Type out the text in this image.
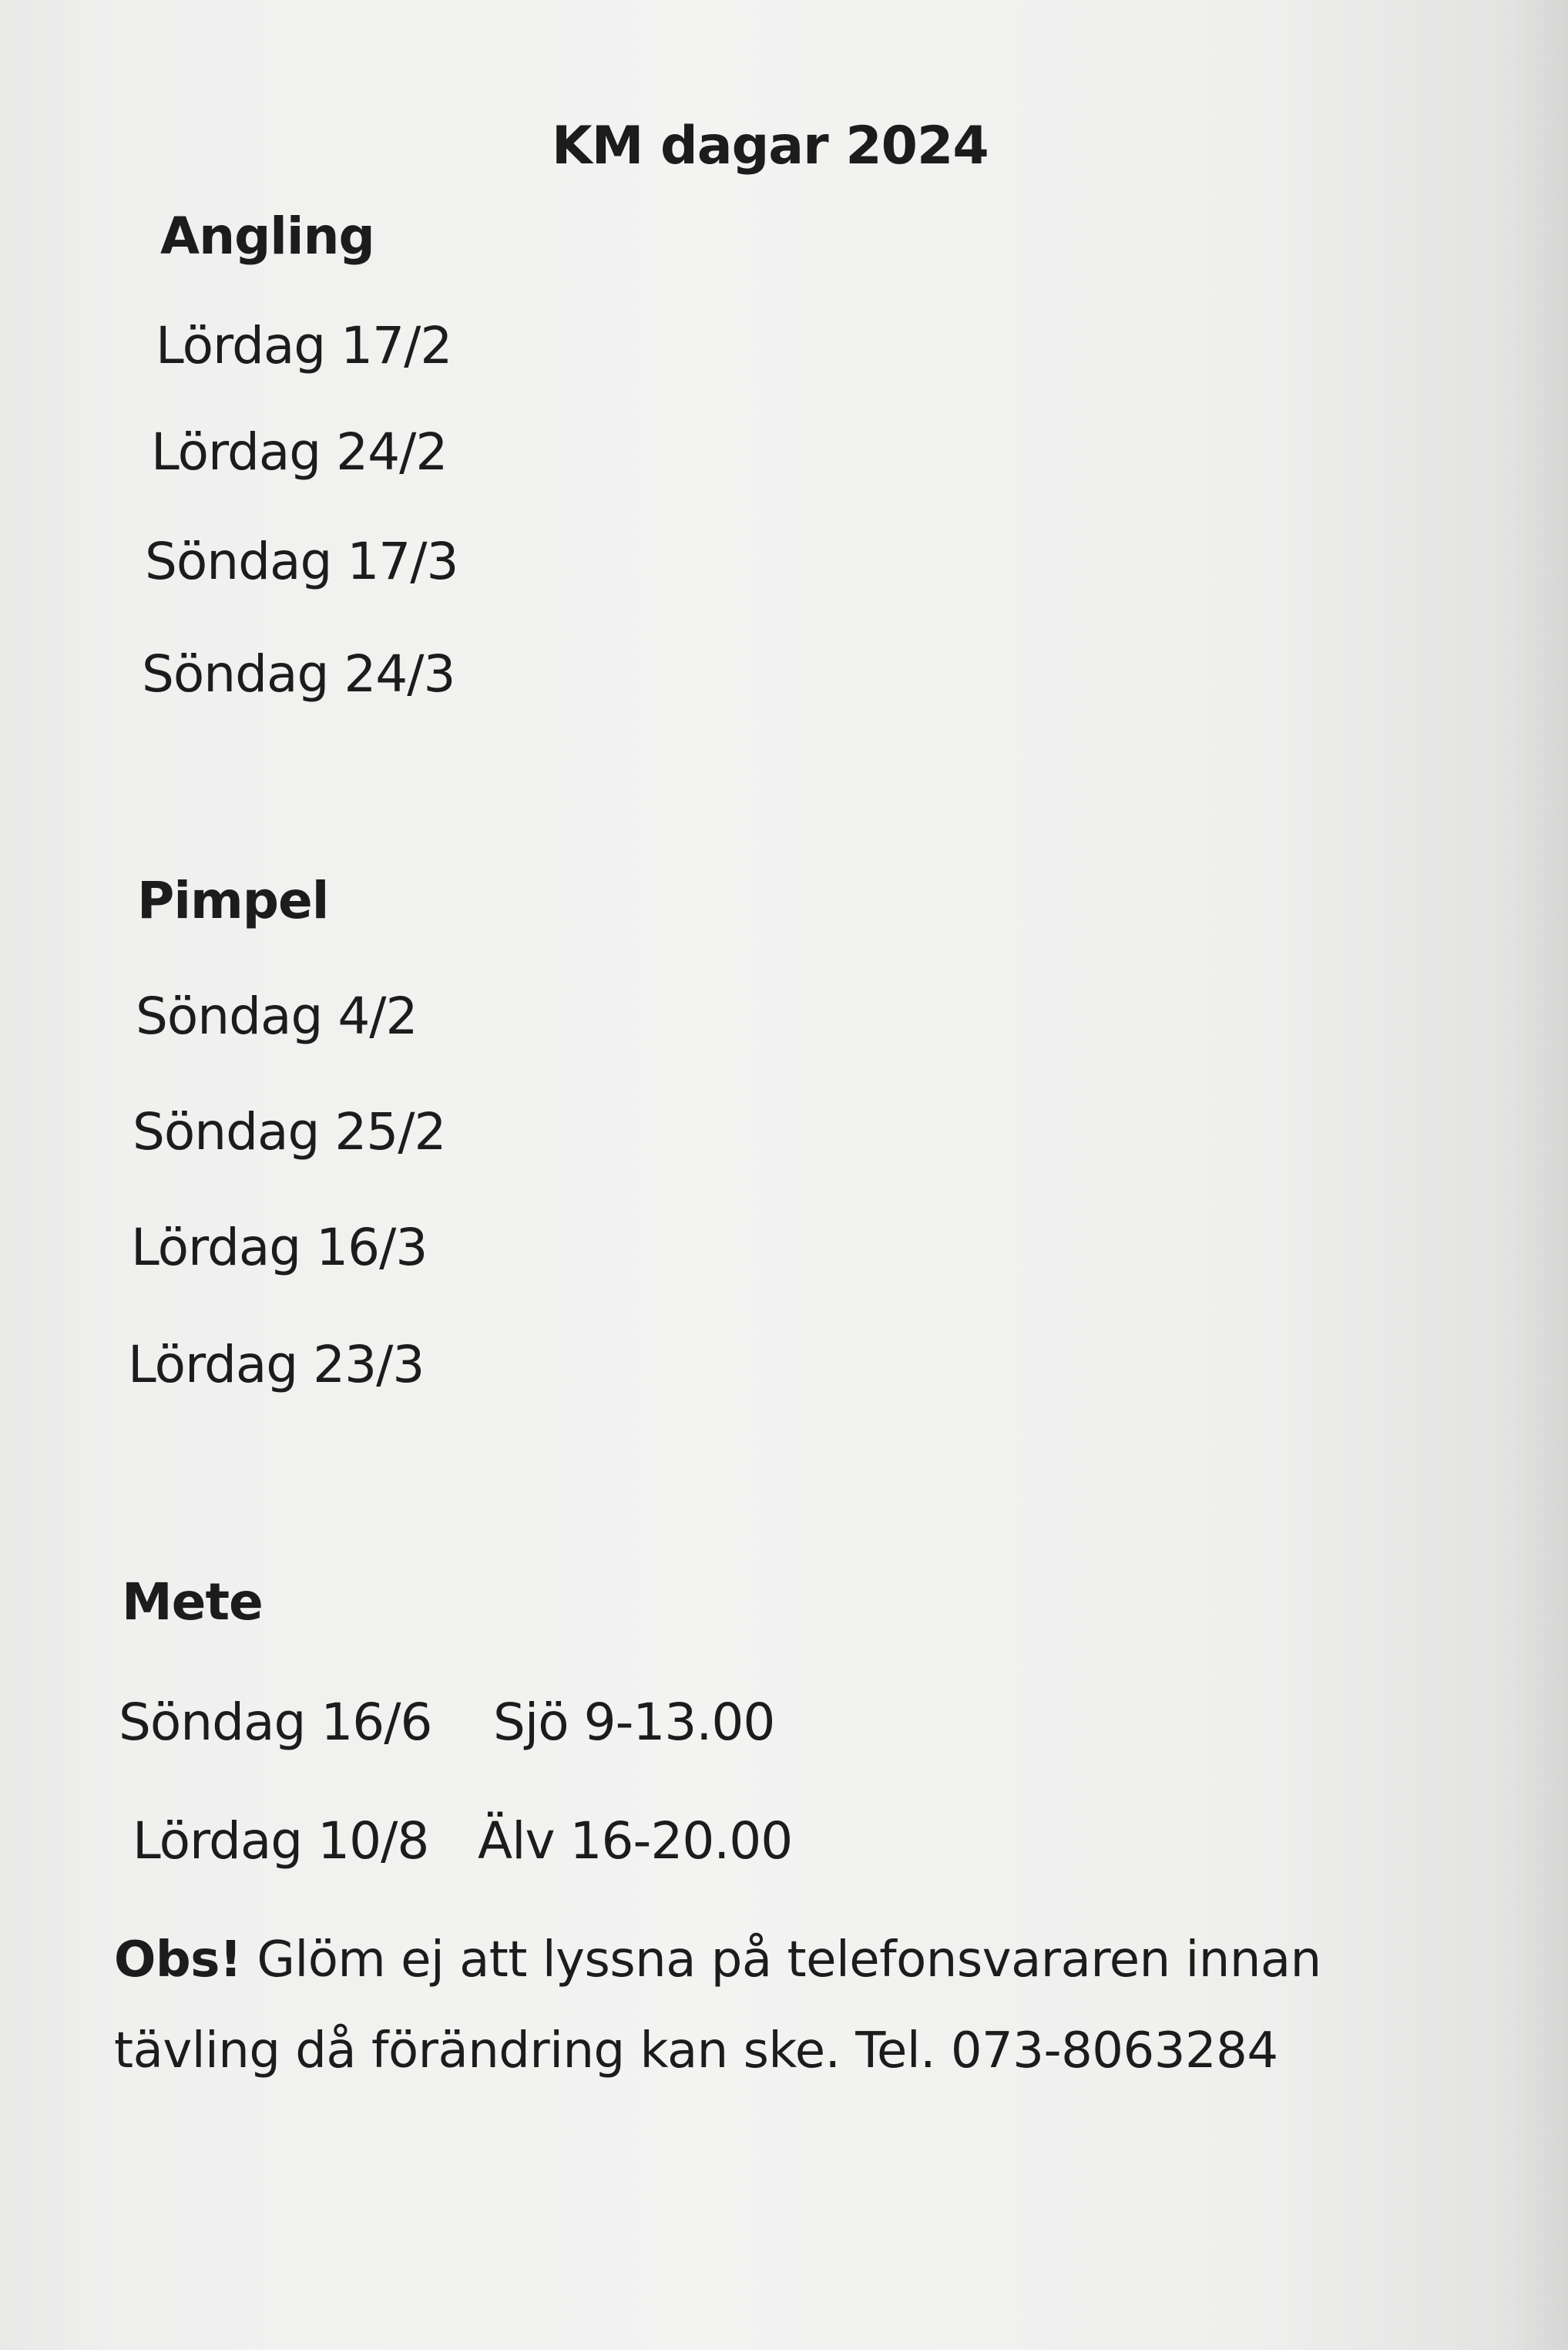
KM dagar 2024
Angling
Lördag 17/2
Lördag 24/2
Söndag 17/3
Söndag 24/3
Pimpel
Söndag 4/2
Söndag 25/2
Lördag 16/3
Lördag 23/3
Mete
Söndag 16/6 Sjö 9-13.00
Lördag 10/8 Älv 16-20.00
Obs! Glöm ej att lyssna på telefonsvararen innan
tävling då förändring kan ske. Tel. 073-8063284
